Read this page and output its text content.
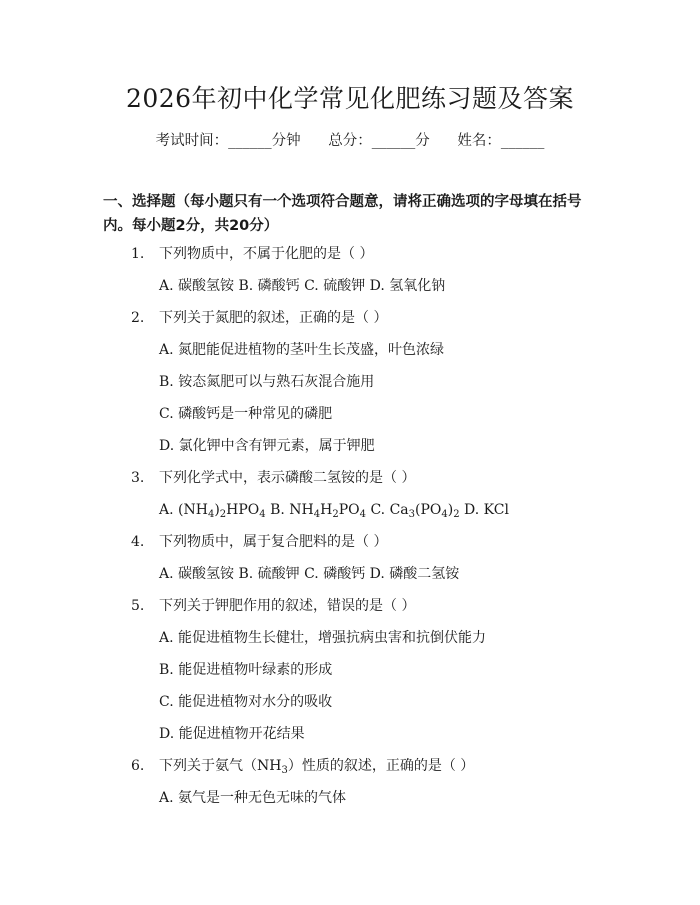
2026年初中化学常见化肥练习题及答案
考试时间：______分钟      总分：______分      姓名：______
一、选择题（每小题只有一个选项符合题意，请将正确选项的字母填在括号内。每小题2分，共20分）
1. 下列物质中，不属于化肥的是（ ）
A. 碳酸氢铵 B. 磷酸钙 C. 硫酸钾 D. 氢氧化钠
2. 下列关于氮肥的叙述，正确的是（ ）
A. 氮肥能促进植物的茎叶生长茂盛，叶色浓绿
B. 铵态氮肥可以与熟石灰混合施用
C. 磷酸钙是一种常见的磷肥
D. 氯化钾中含有钾元素，属于钾肥
3. 下列化学式中，表示磷酸二氢铵的是（ ）
A. $(NH_4)_2HPO_4$ B. $NH_4H_2PO_4$ C. $Ca_3(PO_4)_2$ D. KCl
4. 下列物质中，属于复合肥料的是（ ）
A. 碳酸氢铵 B. 硫酸钾 C. 磷酸钙 D. 磷酸二氢铵
5. 下列关于钾肥作用的叙述，错误的是（ ）
A. 能促进植物生长健壮，增强抗病虫害和抗倒伏能力
B. 能促进植物叶绿素的形成
C. 能促进植物对水分的吸收
D. 能促进植物开花结果
6. 下列关于氨气$(NH_3)$性质的叙述，正确的是（ ）
A. 氨气是一种无色无味的气体
